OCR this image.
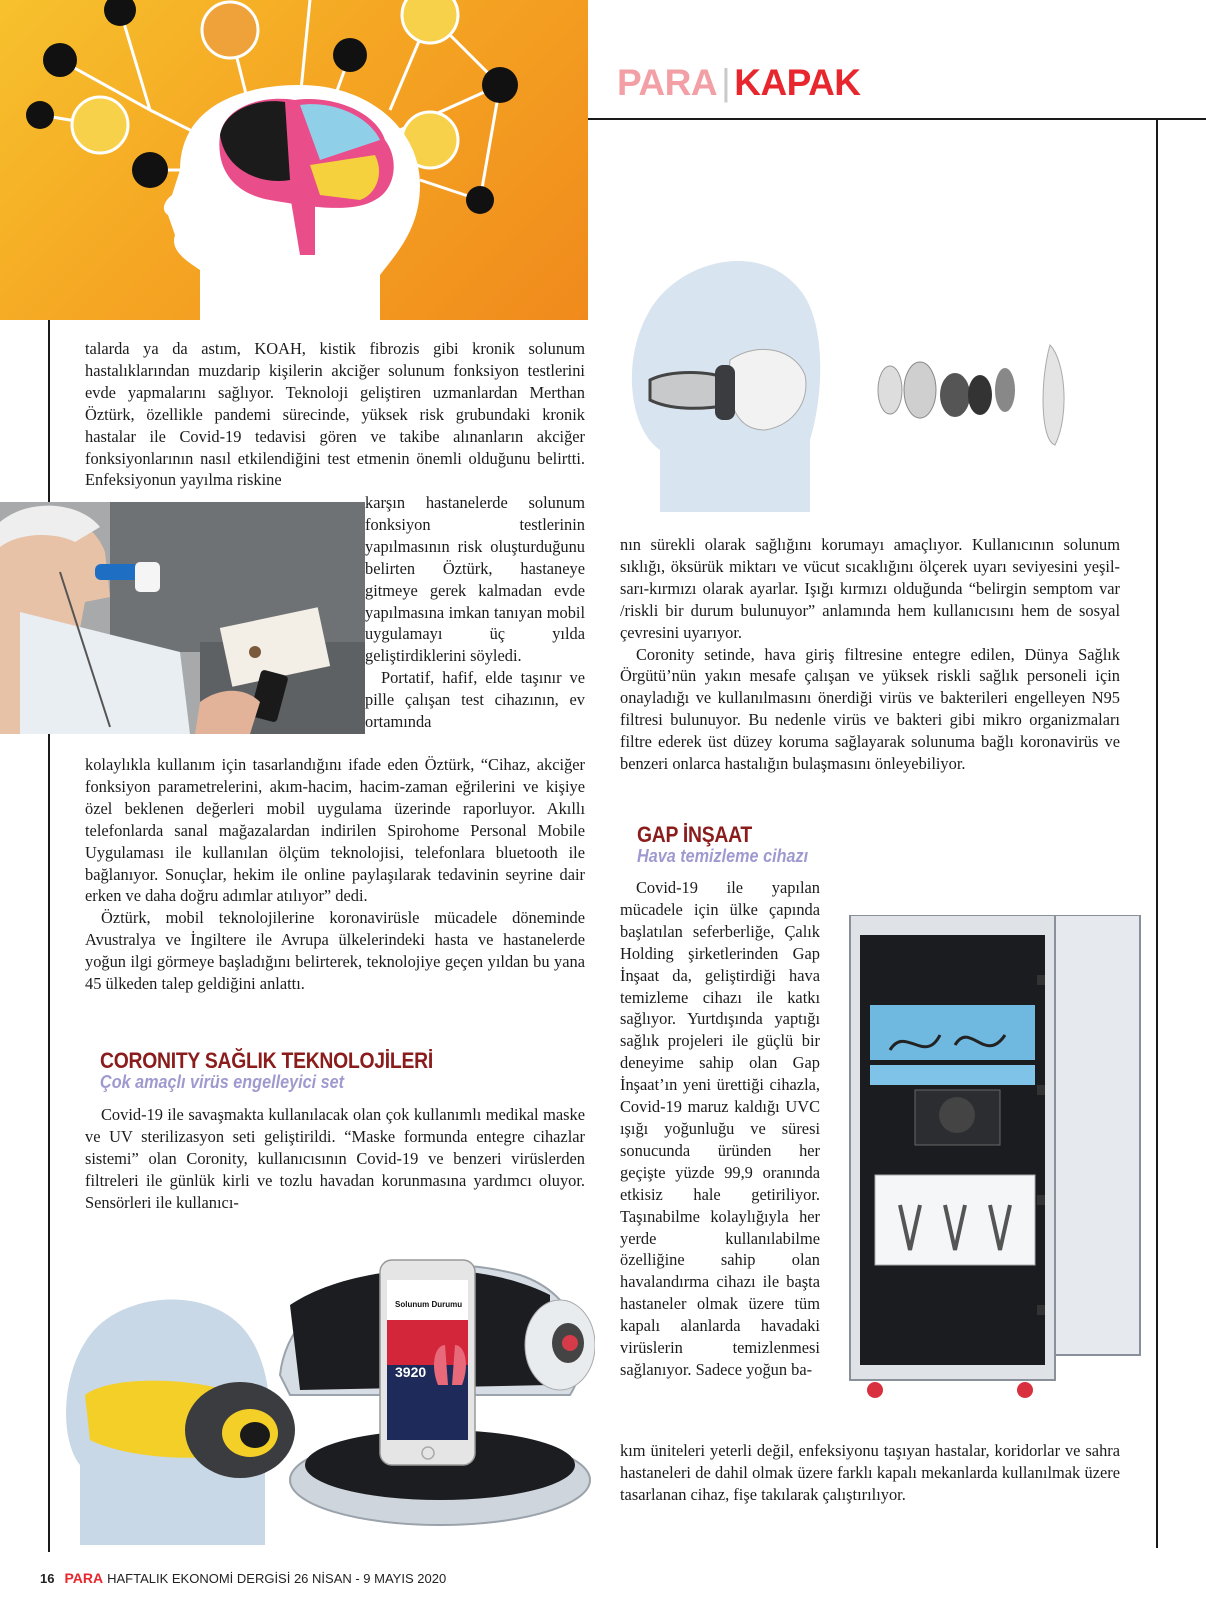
PARA | KAPAK

talarda ya da astım, KOAH, kistik fibrozis gibi kronik solunum hastalıklarından muzdarip kişilerin akciğer solunum fonksiyon testlerini evde yapmalarını sağlıyor. Teknoloji geliştiren uzmanlardan Merthan Öztürk, özellikle pandemi sürecinde, yüksek risk grubundaki kronik hastalar ile Covid-19 tedavisi gören ve takibe alınanların akciğer fonksiyonlarının nasıl etkilendiğini test etmenin önemli olduğunu belirtti. Enfeksiyonun yayılma riskine

karşın hastanelerde solunum fonksiyon testlerinin yapılmasının risk oluşturduğunu belirten Öztürk, hastaneye gitmeye gerek kalmadan evde yapılmasına imkan tanıyan mobil uygulamayı üç yılda geliştirdiklerini söyledi.

Portatif, hafif, elde taşınır ve pille çalışan test cihazının, ev ortamında

kolaylıkla kullanım için tasarlandığını ifade eden Öztürk, “Cihaz, akciğer fonksiyon parametrelerini, akım-hacim, hacim-zaman eğrilerini ve kişiye özel beklenen değerleri mobil uygulama üzerinde raporluyor. Akıllı telefonlarda sanal mağazalardan indirilen Spirohome Personal Mobile Uygulaması ile kullanılan ölçüm teknolojisi, telefonlara bluetooth ile bağlanıyor. Sonuçlar, hekim ile online paylaşılarak tedavinin seyrine dair erken ve daha doğru adımlar atılıyor” dedi.

Öztürk, mobil teknolojilerine koronavirüsle mücadele döneminde Avustralya ve İngiltere ile Avrupa ülkelerindeki hasta ve hastanelerde yoğun ilgi görmeye başladığını belirterek, teknolojiye geçen yıldan bu yana 45 ülkeden talep geldiğini anlattı.

CORONITY SAĞLIK TEKNOLOJİLERİ
Çok amaçlı virüs engelleyici set

Covid-19 ile savaşmakta kullanılacak olan çok kullanımlı medikal maske ve UV sterilizasyon seti geliştirildi. “Maske formunda entegre cihazlar sistemi” olan Coronity, kullanıcısının Covid-19 ve benzeri virüslerden filtreleri ile günlük kirli ve tozlu havadan korunmasına yardımcı oluyor. Sensörleri ile kullanıcı-

Solunum Durumu
3920

nın sürekli olarak sağlığını korumayı amaçlıyor. Kullanıcının solunum sıklığı, öksürük miktarı ve vücut sıcaklığını ölçerek uyarı seviyesini yeşil-sarı-kırmızı olarak ayarlar. Işığı kırmızı olduğunda “belirgin semptom var /riskli bir durum bulunuyor” anlamında hem kullanıcısını hem de sosyal çevresini uyarıyor.

Coronity setinde, hava giriş filtresine entegre edilen, Dünya Sağlık Örgütü’nün yakın mesafe çalışan ve yüksek riskli sağlık personeli için onayladığı ve kullanılmasını önerdiği virüs ve bakterileri engelleyen N95 filtresi bulunuyor. Bu nedenle virüs ve bakteri gibi mikro organizmaları filtre ederek üst düzey koruma sağlayarak solunuma bağlı koronavirüs ve benzeri onlarca hastalığın bulaşmasını önleyebiliyor.

GAP İNŞAAT
Hava temizleme cihazı

Covid-19 ile yapılan mücadele için ülke çapında başlatılan seferberliğe, Çalık Holding şirketlerinden Gap İnşaat da, geliştirdiği hava temizleme cihazı ile katkı sağlıyor. Yurtdışında yaptığı sağlık projeleri ile güçlü bir deneyime sahip olan Gap İnşaat’ın yeni ürettiği cihazla, Covid-19 maruz kaldığı UVC ışığı yoğunluğu ve süresi sonucunda üründen her geçişte yüzde 99,9 oranında etkisiz hale getiriliyor. Taşınabilme kolaylığıyla her yerde kullanılabilme özelliğine sahip olan havalandırma cihazı ile başta hastaneler olmak üzere tüm kapalı alanlarda havadaki virüslerin temizlenmesi sağlanıyor. Sadece yoğun ba-

kım üniteleri yeterli değil, enfeksiyonu taşıyan hastalar, koridorlar ve sahra hastaneleri de dahil olmak üzere farklı kapalı mekanlarda kullanılmak üzere tasarlanan cihaz, fişe takılarak çalıştırılıyor.

16 PARA HAFTALIK EKONOMİ DERGİSİ 26 NİSAN - 9 MAYIS 2020
